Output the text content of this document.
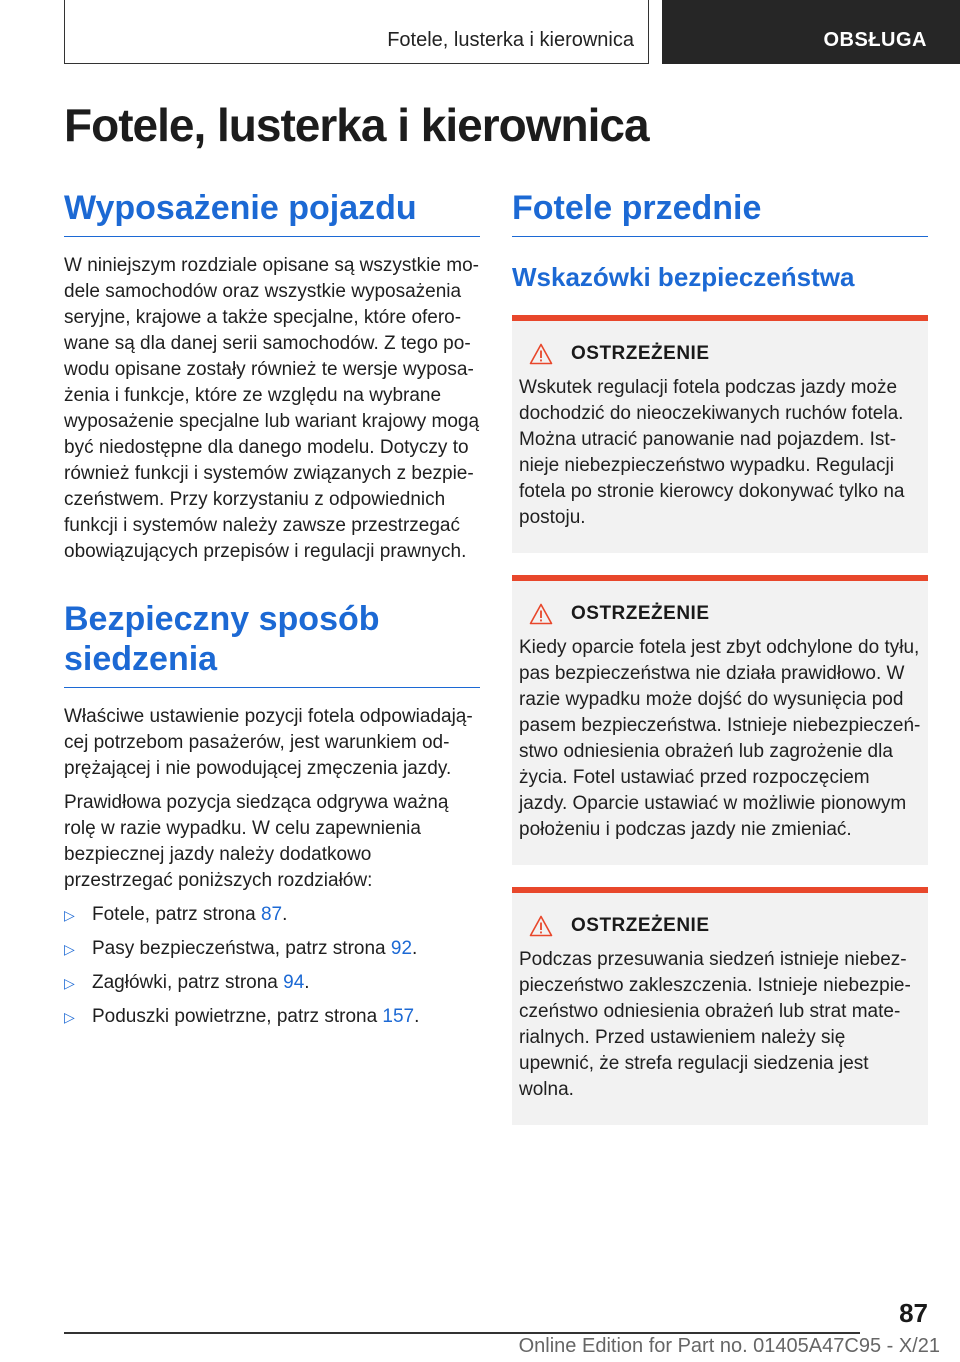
Fotele, lusterka i kierownica	OBSŁUGA
Fotele, lusterka i kierownica
Wyposażenie pojazdu

W niniejszym rozdziale opisane są wszystkie modele samochodów oraz wszystkie wyposażenia seryjne, krajowe a także specjalne, które oferowane są dla danej serii samochodów. Z tego powodu opisane zostały również te wersje wyposażenia i funkcje, które ze względu na wybrane wyposażenie specjalne lub wariant krajowy mogą być niedostępne dla danego modelu. Dotyczy to również funkcji i systemów związanych z bezpieczeństwem. Przy korzystaniu z odpowiednich funkcji i systemów należy zawsze przestrzegać obowiązujących przepisów i regulacji prawnych.

Bezpieczny sposób siedzenia

Właściwe ustawienie pozycji fotela odpowiadającej potrzebom pasażerów, jest warunkiem odprężającej i nie powodującej zmęczenia jazdy.

Prawidłowa pozycja siedząca odgrywa ważną rolę w razie wypadku. W celu zapewnienia bezpiecznej jazdy należy dodatkowo przestrzegać poniższych rozdziałów:

▷ Fotele, patrz strona 87.
▷ Pasy bezpieczeństwa, patrz strona 92.
▷ Zagłówki, patrz strona 94.
▷ Poduszki powietrzne, patrz strona 157.
Fotele przednie
Wskazówki bezpieczeństwa
OSTRZEŻENIE

Wskutek regulacji fotela podczas jazdy może dochodzić do nieoczekiwanych ruchów fotela. Można utracić panowanie nad pojazdem. Istnieje niebezpieczeństwo wypadku. Regulacji fotela po stronie kierowcy dokonywać tylko na postoju.

OSTRZEŻENIE

Kiedy oparcie fotela jest zbyt odchylone do tyłu, pas bezpieczeństwa nie działa prawidłowo. W razie wypadku może dojść do wysunięcia pod pasem bezpieczeństwa. Istnieje niebezpieczeństwo odniesienia obrażeń lub zagrożenie dla życia. Fotel ustawiać przed rozpoczęciem jazdy. Oparcie ustawiać w możliwie pionowym położeniu i podczas jazdy nie zmieniać.

OSTRZEŻENIE

Podczas przesuwania siedzeń istnieje niebezpieczeństwo zakleszczenia. Istnieje niebezpieczeństwo odniesienia obrażeń lub strat materialnych. Przed ustawieniem należy się upewnić, że strefa regulacji siedzenia jest wolna.

87
Online Edition for Part no. 01405A47C95 - X/21
